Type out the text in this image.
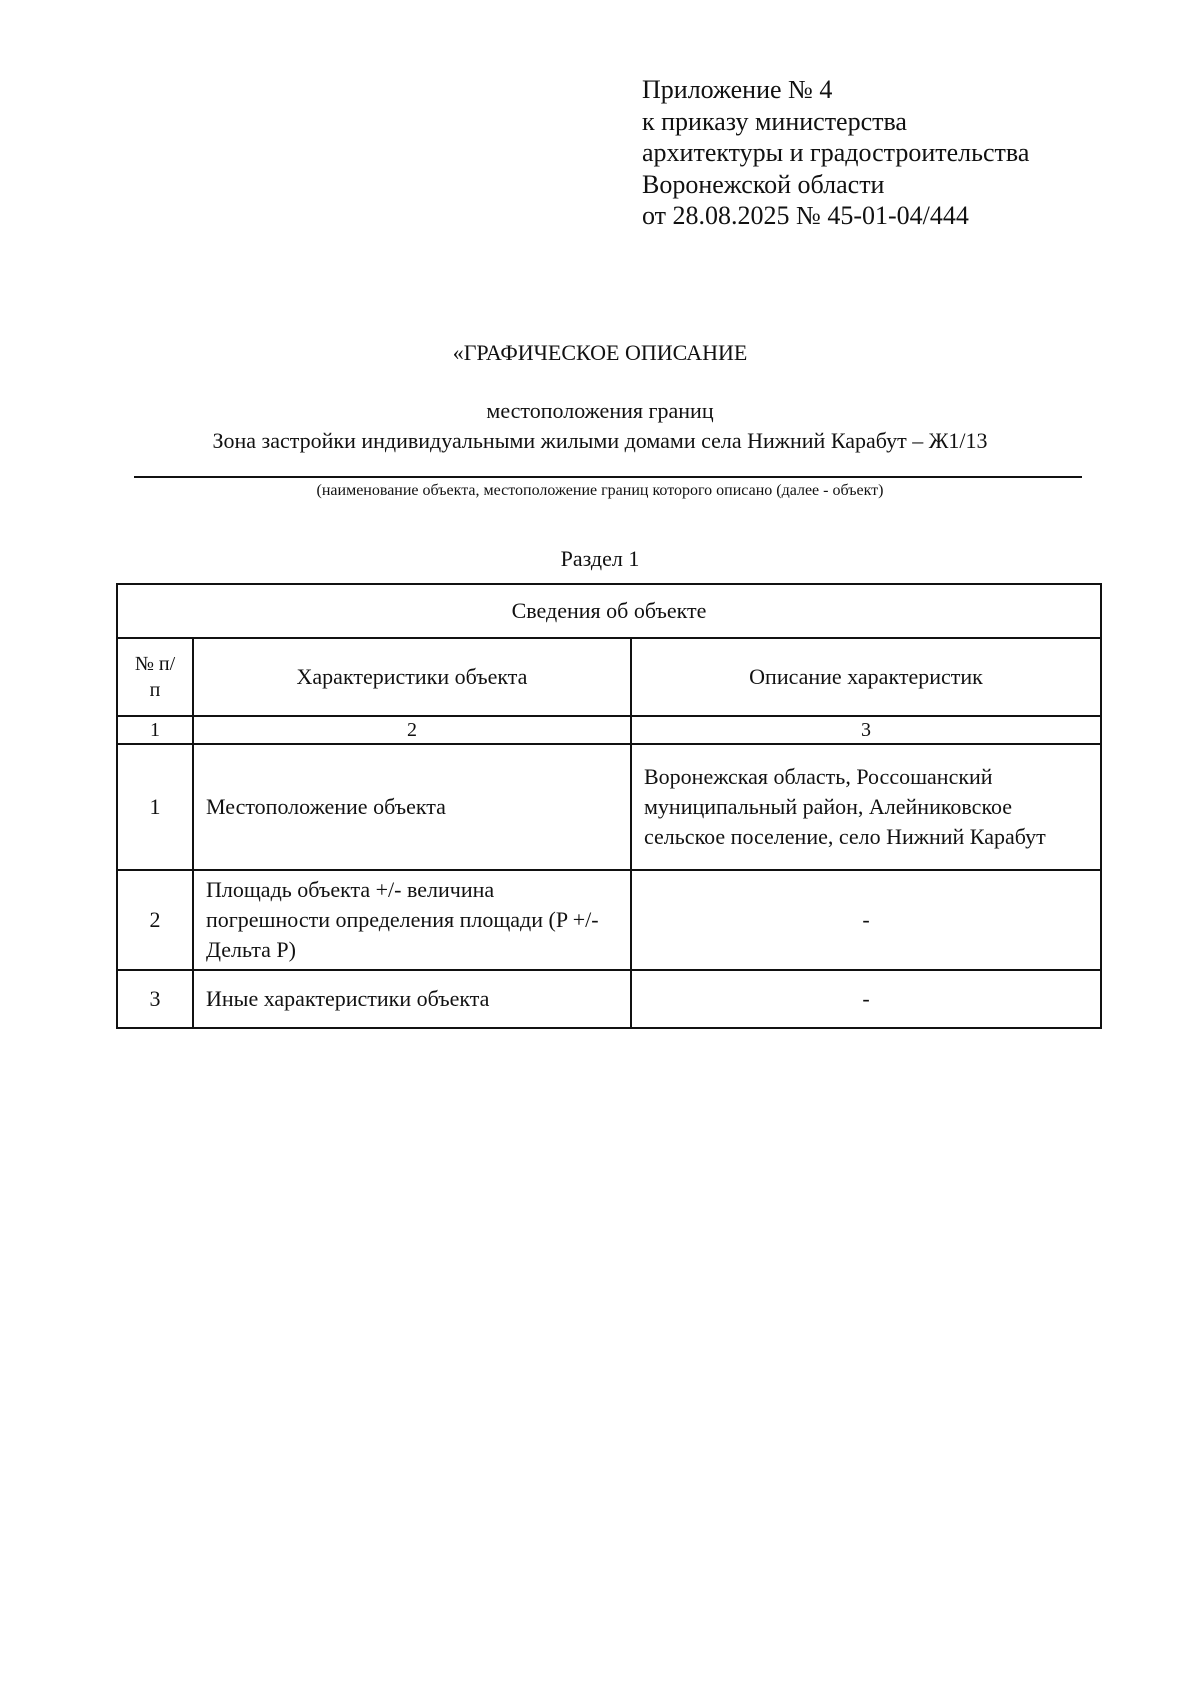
Приложение № 4
к приказу министерства
архитектуры и градостроительства
Воронежской области
от 28.08.2025 № 45-01-04/444
«ГРАФИЧЕСКОЕ ОПИСАНИЕ
местоположения границ
Зона застройки индивидуальными жилыми домами села Нижний Карабут – Ж1/13
(наименование объекта, местоположение границ которого описано (далее - объект)
Раздел 1
Сведения об объекте		
№ п/п	Характеристики объекта	Описание характеристик
1	2	3
1	Местоположение объекта	Воронежская область, Россошанский муниципальный район, Алейниковское сельское поселение, село Нижний Карабут
2	Площадь объекта +/- величина погрешности определения площади (P +/- Дельта P)	-
3	Иные характеристики объекта	-
